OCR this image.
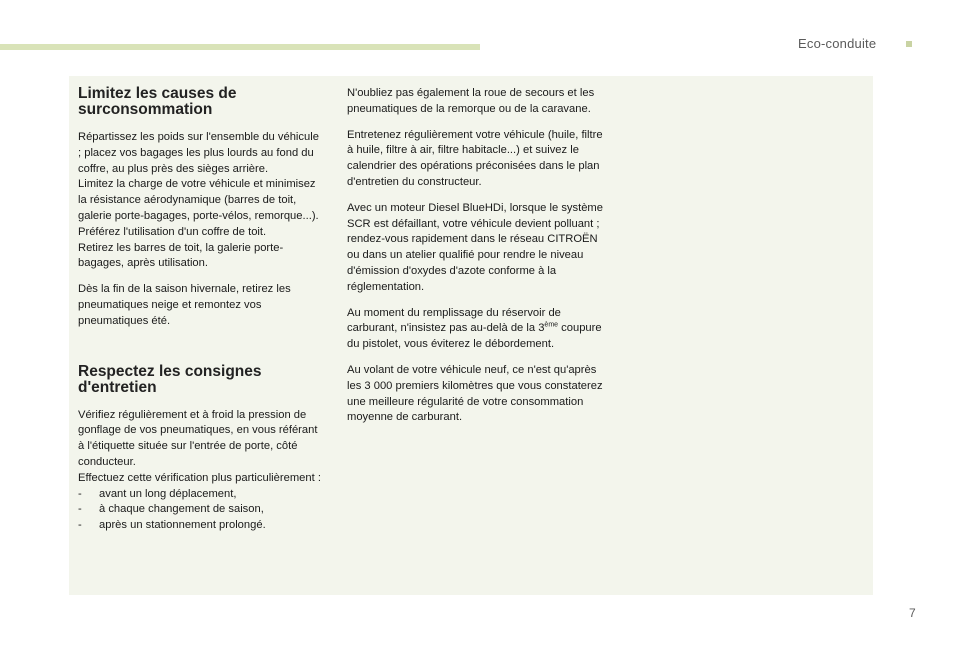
Eco-conduite
Limitez les causes de surconsommation

Répartissez les poids sur l'ensemble du véhicule ; placez vos bagages les plus lourds au fond du coffre, au plus près des sièges arrière.

Limitez la charge de votre véhicule et minimisez la résistance aérodynamique (barres de toit, galerie porte-bagages, porte-vélos, remorque...). Préférez l'utilisation d'un coffre de toit.

Retirez les barres de toit, la galerie porte-bagages, après utilisation.

Dès la fin de la saison hivernale, retirez les pneumatiques neige et remontez vos pneumatiques été.

Respectez les consignes d'entretien

Vérifiez régulièrement et à froid la pression de gonflage de vos pneumatiques, en vous référant à l'étiquette située sur l'entrée de porte, côté conducteur.

Effectuez cette vérification plus particulièrement :

- avant un long déplacement,
- à chaque changement de saison,
- après un stationnement prolongé.

N'oubliez pas également la roue de secours et les pneumatiques de la remorque ou de la caravane.

Entretenez régulièrement votre véhicule (huile, filtre à huile, filtre à air, filtre habitacle...) et suivez le calendrier des opérations préconisées dans le plan d'entretien du constructeur.

Avec un moteur Diesel BlueHDi, lorsque le système SCR est défaillant, votre véhicule devient polluant ; rendez-vous rapidement dans le réseau CITROËN ou dans un atelier qualifié pour rendre le niveau d'émission d'oxydes d'azote conforme à la réglementation.

Au moment du remplissage du réservoir de carburant, n'insistez pas au-delà de la 3ème coupure du pistolet, vous éviterez le débordement.

Au volant de votre véhicule neuf, ce n'est qu'après les 3 000 premiers kilomètres que vous constaterez une meilleure régularité de votre consommation moyenne de carburant.

7
